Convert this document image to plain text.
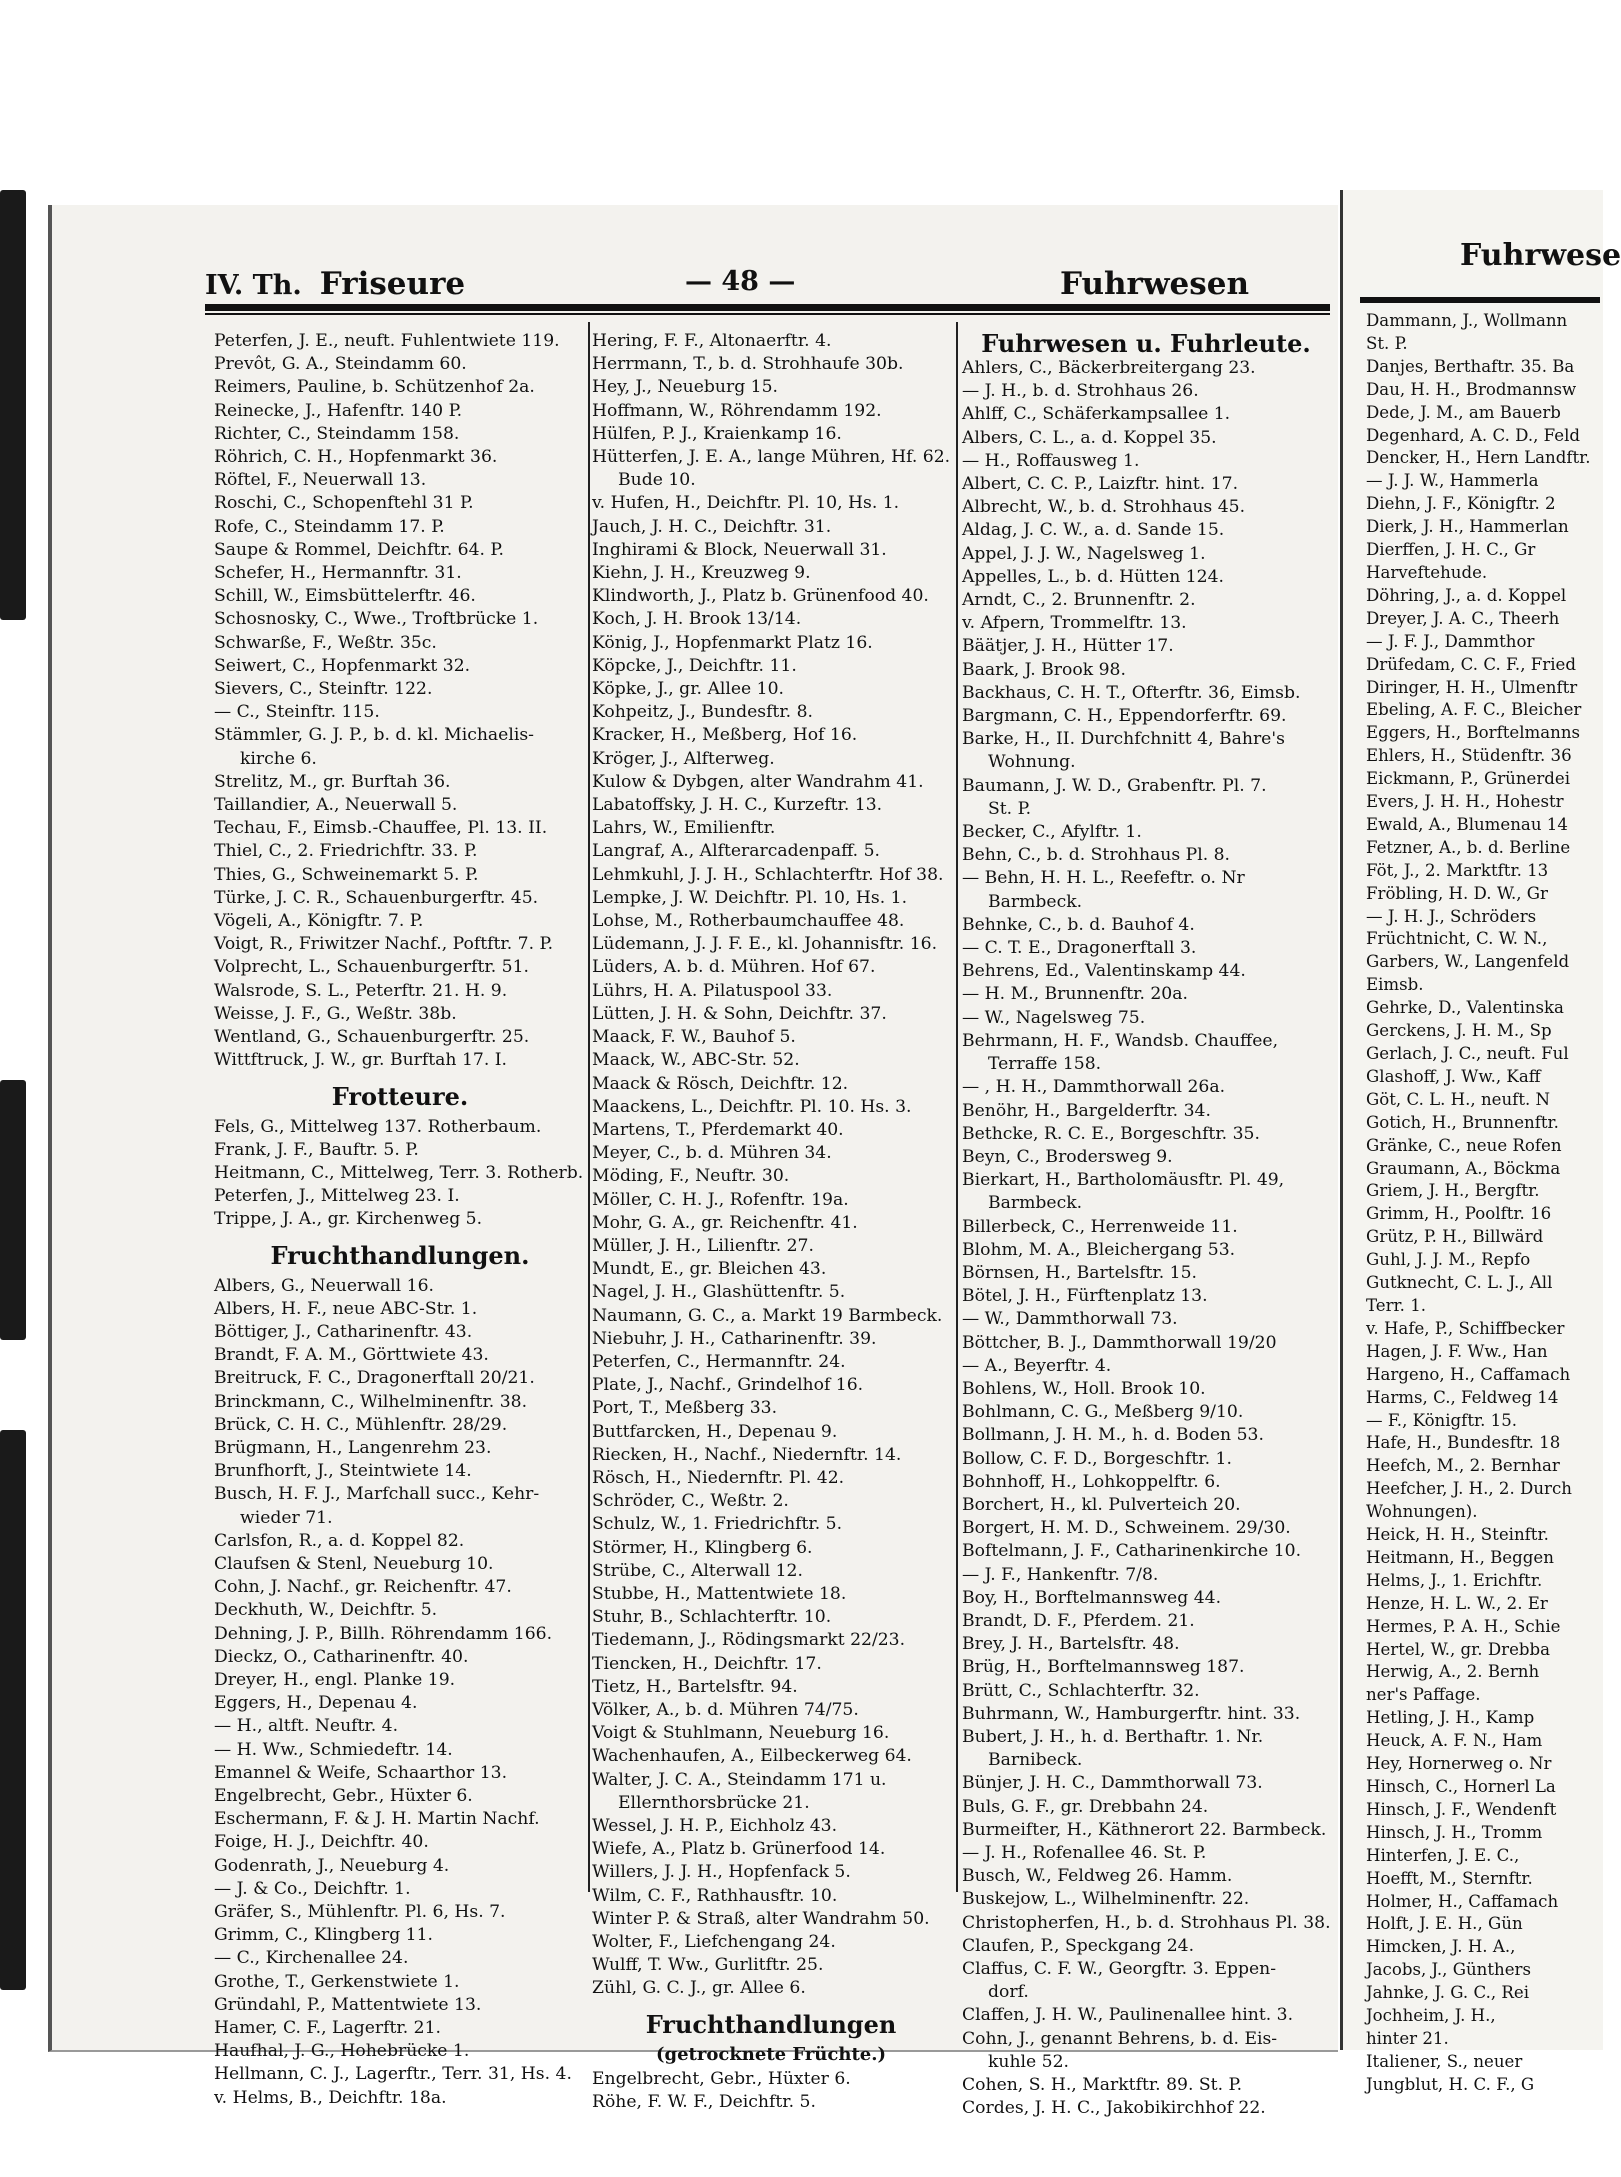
Fuhrwese
Dammann, J., Wollmann
St. P.
Danjes, Berthaftr. 35. Ba
Dau, H. H., Brodmannsw
Dede, J. M., am Bauerb
Degenhard, A. C. D., Feld
Dencker, H., Hern Landftr.
— J. J. W., Hammerla
Diehn, J. F., Königftr. 2
Dierk, J. H., Hammerlan
Dierffen, J. H. C., Gr
Harveftehude.
Döhring, J., a. d. Koppel
Dreyer, J. A. C., Theerh
— J. F. J., Dammthor
Drüfedam, C. C. F., Fried
Diringer, H. H., Ulmenftr
Ebeling, A. F. C., Bleicher
Eggers, H., Borftelmanns
Ehlers, H., Stüdenftr. 36
Eickmann, P., Grünerdei
Evers, J. H. H., Hohestr
Ewald, A., Blumenau 14
Fetzner, A., b. d. Berline
Föt, J., 2. Marktftr. 13
Fröbling, H. D. W., Gr
— J. H. J., Schröders
Früchtnicht, C. W. N.,
Garbers, W., Langenfeld
Eimsb.
Gehrke, D., Valentinska
Gerckens, J. H. M., Sp
Gerlach, J. C., neuft. Ful
Glashoff, J. Ww., Kaff
Göt, C. L. H., neuft. N
Gotich, H., Brunnenftr.
Gränke, C., neue Rofen
Graumann, A., Böckma
Griem, J. H., Bergftr.
Grimm, H., Poolftr. 16
Grütz, P. H., Billwärd
Guhl, J. J. M., Repfo
Gutknecht, C. L. J., All
Terr. 1.
v. Hafe, P., Schiffbecker
Hagen, J. F. Ww., Han
Hargeno, H., Caffamach
Harms, C., Feldweg 14
— F., Königftr. 15.
Hafe, H., Bundesftr. 18
Heefch, M., 2. Bernhar
Heefcher, J. H., 2. Durch
Wohnungen).
Heick, H. H., Steinftr.
Heitmann, H., Beggen
Helms, J., 1. Erichftr.
Henze, H. L. W., 2. Er
Hermes, P. A. H., Schie
Hertel, W., gr. Drebba
Herwig, A., 2. Bernh
ner's Paffage.
Hetling, J. H., Kamp
Heuck, A. F. N., Ham
Hey, Hornerweg o. Nr
Hinsch, C., Hornerl La
Hinsch, J. F., Wendenft
Hinsch, J. H., Tromm
Hinterfen, J. E. C.,
Hoefft, M., Sternftr.
Holmer, H., Caffamach
Holft, J. E. H., Gün
Himcken, J. H. A.,
Jacobs, J., Günthers
Jahnke, J. G. C., Rei
Jochheim, J. H.,
hinter 21.
Italiener, S., neuer
Jungblut, H. C. F., G
IV. Th. Friseure	— 48 —	Fuhrwesen
Peterfen, J. E., neuft. Fuhlentwiete 119.
Prevôt, G. A., Steindamm 60.
Reimers, Pauline, b. Schützenhof 2a.
Reinecke, J., Hafenftr. 140 P.
Richter, C., Steindamm 158.
Röhrich, C. H., Hopfenmarkt 36.
Röftel, F., Neuerwall 13.
Roschi, C., Schopenftehl 31 P.
Rofe, C., Steindamm 17. P.
Saupe & Rommel, Deichftr. 64. P.
Schefer, H., Hermannftr. 31.
Schill, W., Eimsbüttelerftr. 46.
Schosnosky, C., Wwe., Troftbrücke 1.
Schwarße, F., Weßtr. 35c.
Seiwert, C., Hopfenmarkt 32.
Sievers, C., Steinftr. 122.
— C., Steinftr. 115.
Stämmler, G. J. P., b. d. kl. Michaelis-
kirche 6.
Strelitz, M., gr. Burftah 36.
Taillandier, A., Neuerwall 5.
Techau, F., Eimsb.-Chauffee, Pl. 13. II.
Thiel, C., 2. Friedrichftr. 33. P.
Thies, G., Schweinemarkt 5. P.
Türke, J. C. R., Schauenburgerftr. 45.
Vögeli, A., Königftr. 7. P.
Voigt, R., Friwitzer Nachf., Poftftr. 7. P.
Volprecht, L., Schauenburgerftr. 51.
Walsrode, S. L., Peterftr. 21. H. 9.
Weisse, J. F., G., Weßtr. 38b.
Wentland, G., Schauenburgerftr. 25.
Wittftruck, J. W., gr. Burftah 17. I.
Frotteure.
Fels, G., Mittelweg 137. Rotherbaum.
Frank, J. F., Bauftr. 5. P.
Heitmann, C., Mittelweg, Terr. 3. Rotherb.
Peterfen, J., Mittelweg 23. I.
Trippe, J. A., gr. Kirchenweg 5.
Fruchthandlungen.
Albers, G., Neuerwall 16.
Albers, H. F., neue ABC-Str. 1.
Böttiger, J., Catharinenftr. 43.
Brandt, F. A. M., Görttwiete 43.
Breitruck, F. C., Dragonerftall 20/21.
Brinckmann, C., Wilhelminenftr. 38.
Brück, C. H. C., Mühlenftr. 28/29.
Brügmann, H., Langenrehm 23.
Brunfhorft, J., Steintwiete 14.
Busch, H. F. J., Marfchall succ., Kehr-
wieder 71.
Carlsfon, R., a. d. Koppel 82.
Claufsen & Stenl, Neueburg 10.
Cohn, J. Nachf., gr. Reichenftr. 47.
Deckhuth, W., Deichftr. 5.
Dehning, J. P., Billh. Röhrendamm 166.
Dieckz, O., Catharinenftr. 40.
Dreyer, H., engl. Planke 19.
Eggers, H., Depenau 4.
— H., altft. Neuftr. 4.
— H. Ww., Schmiedeftr. 14.
Emannel & Weife, Schaarthor 13.
Engelbrecht, Gebr., Hüxter 6.
Eschermann, F. & J. H. Martin Nachf.
Foige, H. J., Deichftr. 40.
Godenrath, J., Neueburg 4.
— J. & Co., Deichftr. 1.
Gräfer, S., Mühlenftr. Pl. 6, Hs. 7.
Grimm, C., Klingberg 11.
— C., Kirchenallee 24.
Grothe, T., Gerkenstwiete 1.
Gründahl, P., Mattentwiete 13.
Hamer, C. F., Lagerftr. 21.
Haufhal, J. G., Hohebrücke 1.
Hellmann, C. J., Lagerftr., Terr. 31, Hs. 4.
v. Helms, B., Deichftr. 18a.
Hering, F. F., Altonaerftr. 4.
Herrmann, T., b. d. Strohhaufe 30b.
Hey, J., Neueburg 15.
Hoffmann, W., Röhrendamm 192.
Hülfen, P. J., Kraienkamp 16.
Hütterfen, J. E. A., lange Mühren, Hf. 62.
Bude 10.
v. Hufen, H., Deichftr. Pl. 10, Hs. 1.
Jauch, J. H. C., Deichftr. 31.
Inghirami & Block, Neuerwall 31.
Kiehn, J. H., Kreuzweg 9.
Klindworth, J., Platz b. Grünenfood 40.
Koch, J. H. Brook 13/14.
König, J., Hopfenmarkt Platz 16.
Köpcke, J., Deichftr. 11.
Köpke, J., gr. Allee 10.
Kohpeitz, J., Bundesftr. 8.
Kracker, H., Meßberg, Hof 16.
Kröger, J., Alfterweg.
Kulow & Dybgen, alter Wandrahm 41.
Labatoffsky, J. H. C., Kurzeftr. 13.
Lahrs, W., Emilienftr.
Langraf, A., Alfterarcadenpaff. 5.
Lehmkuhl, J. J. H., Schlachterftr. Hof 38.
Lempke, J. W. Deichftr. Pl. 10, Hs. 1.
Lohse, M., Rotherbaumchauffee 48.
Lüdemann, J. J. F. E., kl. Johannisftr. 16.
Lüders, A. b. d. Mühren. Hof 67.
Lührs, H. A. Pilatuspool 33.
Lütten, J. H. & Sohn, Deichftr. 37.
Maack, F. W., Bauhof 5.
Maack, W., ABC-Str. 52.
Maack & Rösch, Deichftr. 12.
Maackens, L., Deichftr. Pl. 10. Hs. 3.
Martens, T., Pferdemarkt 40.
Meyer, C., b. d. Mühren 34.
Möding, F., Neuftr. 30.
Möller, C. H. J., Rofenftr. 19a.
Mohr, G. A., gr. Reichenftr. 41.
Müller, J. H., Lilienftr. 27.
Mundt, E., gr. Bleichen 43.
Nagel, J. H., Glashüttenftr. 5.
Naumann, G. C., a. Markt 19 Barmbeck.
Niebuhr, J. H., Catharinenftr. 39.
Peterfen, C., Hermannftr. 24.
Plate, J., Nachf., Grindelhof 16.
Port, T., Meßberg 33.
Buttfarcken, H., Depenau 9.
Riecken, H., Nachf., Niedernftr. 14.
Rösch, H., Niedernftr. Pl. 42.
Schröder, C., Weßtr. 2.
Schulz, W., 1. Friedrichftr. 5.
Störmer, H., Klingberg 6.
Strübe, C., Alterwall 12.
Stubbe, H., Mattentwiete 18.
Stuhr, B., Schlachterftr. 10.
Tiedemann, J., Rödingsmarkt 22/23.
Tiencken, H., Deichftr. 17.
Tietz, H., Bartelsftr. 94.
Völker, A., b. d. Mühren 74/75.
Voigt & Stuhlmann, Neueburg 16.
Wachenhaufen, A., Eilbeckerweg 64.
Walter, J. C. A., Steindamm 171 u.
Ellernthorsbrücke 21.
Wessel, J. H. P., Eichholz 43.
Wiefe, A., Platz b. Grünerfood 14.
Willers, J. J. H., Hopfenfack 5.
Wilm, C. F., Rathhausftr. 10.
Winter P. & Straß, alter Wandrahm 50.
Wolter, F., Liefchengang 24.
Wulff, T. Ww., Gurlitftr. 25.
Zühl, G. C. J., gr. Allee 6.
Fruchthandlungen
(getrocknete Früchte.)
Engelbrecht, Gebr., Hüxter 6.
Röhe, F. W. F., Deichftr. 5.
Fuhrwesen u. Fuhrleute.
Ahlers, C., Bäckerbreitergang 23.
— J. H., b. d. Strohhaus 26.
Ahlff, C., Schäferkampsallee 1.
Albers, C. L., a. d. Koppel 35.
— H., Roffausweg 1.
Albert, C. C. P., Laizftr. hint. 17.
Albrecht, W., b. d. Strohhaus 45.
Aldag, J. C. W., a. d. Sande 15.
Appel, J. J. W., Nagelsweg 1.
Appelles, L., b. d. Hütten 124.
Arndt, C., 2. Brunnenftr. 2.
v. Afpern, Trommelftr. 13.
Bäätjer, J. H., Hütter 17.
Baark, J. Brook 98.
Backhaus, C. H. T., Ofterftr. 36, Eimsb.
Bargmann, C. H., Eppendorferftr. 69.
Barke, H., II. Durchfchnitt 4, Bahre's
Wohnung.
Baumann, J. W. D., Grabenftr. Pl. 7.
St. P.
Becker, C., Afylftr. 1.
Behn, C., b. d. Strohhaus Pl. 8.
— Behn, H. H. L., Reefeftr. o. Nr
Barmbeck.
Behnke, C., b. d. Bauhof 4.
— C. T. E., Dragonerftall 3.
Behrens, Ed., Valentinskamp 44.
— H. M., Brunnenftr. 20a.
— W., Nagelsweg 75.
Behrmann, H. F., Wandsb. Chauffee,
Terraffe 158.
— , H. H., Dammthorwall 26a.
Benöhr, H., Bargelderftr. 34.
Bethcke, R. C. E., Borgeschftr. 35.
Beyn, C., Brodersweg 9.
Bierkart, H., Bartholomäusftr. Pl. 49,
Barmbeck.
Billerbeck, C., Herrenweide 11.
Blohm, M. A., Bleichergang 53.
Börnsen, H., Bartelsftr. 15.
Bötel, J. H., Fürftenplatz 13.
— W., Dammthorwall 73.
Böttcher, B. J., Dammthorwall 19/20
— A., Beyerftr. 4.
Bohlens, W., Holl. Brook 10.
Bohlmann, C. G., Meßberg 9/10.
Bollmann, J. H. M., h. d. Boden 53.
Bollow, C. F. D., Borgeschftr. 1.
Bohnhoff, H., Lohkoppelftr. 6.
Borchert, H., kl. Pulverteich 20.
Borgert, H. M. D., Schweinem. 29/30.
Boftelmann, J. F., Catharinenkirche 10.
— J. F., Hankenftr. 7/8.
Boy, H., Borftelmannsweg 44.
Brandt, D. F., Pferdem. 21.
Brey, J. H., Bartelsftr. 48.
Brüg, H., Borftelmannsweg 187.
Brütt, C., Schlachterftr. 32.
Buhrmann, W., Hamburgerftr. hint. 33.
Bubert, J. H., h. d. Berthaftr. 1. Nr.
Barnibeck.
Bünjer, J. H. C., Dammthorwall 73.
Buls, G. F., gr. Drebbahn 24.
Burmeifter, H., Käthnerort 22. Barmbeck.
— J. H., Rofenallee 46. St. P.
Busch, W., Feldweg 26. Hamm.
Buskejow, L., Wilhelminenftr. 22.
Christopherfen, H., b. d. Strohhaus Pl. 38.
Claufen, P., Speckgang 24.
Claffus, C. F. W., Georgftr. 3. Eppen-
dorf.
Claffen, J. H. W., Paulinenallee hint. 3.
Cohn, J., genannt Behrens, b. d. Eis-
kuhle 52.
Cohen, S. H., Marktftr. 89. St. P.
Cordes, J. H. C., Jakobikirchhof 22.
